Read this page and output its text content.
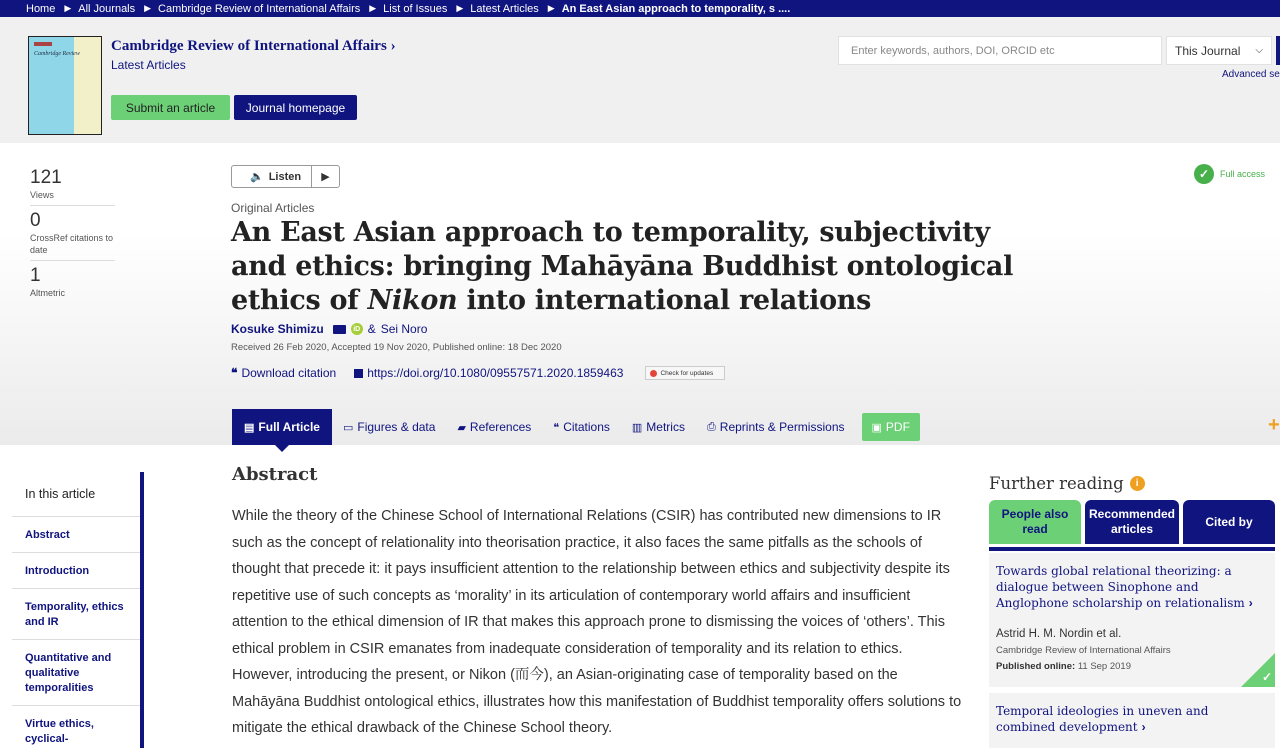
Home ▶ All Journals ▶ Cambridge Review of International Affairs ▶ List of Issues ▶ Latest Articles ▶ An East Asian approach to temporality, s ....
Cambridge Review Cambridge Review of International Affairs ›
Latest Articles
Submit an article	Journal homepage
Enter keywords, authors, DOI, ORCID etc
This Journal ⌵
Advanced se
121
Views
0
CrossRef citations to date
1
Altmetric
🔈 Listen ▶	✓	Full access
Original Articles
An East Asian approach to temporality, subjectivity and ethics: bringing Mahāyāna Buddhist ontological ethics of Nikon into international relations
Kosuke Shimizu	iD & Sei Noro
Received 26 Feb 2020, Accepted 19 Nov 2020, Published online: 18 Dec 2020
❝ Download citation	https://doi.org/10.1080/09557571.2020.1859463	Check for updates
▤ Full Article ▭ Figures & data ▰ References ❝ Citations ▥ Metrics ⎙ Reprints & Permissions ▣ PDF	+
In this article
Abstract
Introduction
Temporality, ethics and IR
Quantitative and qualitative temporalities
Virtue ethics, cyclical-
Abstract

While the theory of the Chinese School of International Relations (CSIR) has contributed new dimensions to IR such as the concept of relationality into theorisation practice, it also faces the same pitfalls as the schools of thought that precede it: it pays insufficient attention to the relationship between ethics and subjectivity despite its repetitive use of such concepts as ‘morality’ in its articulation of contemporary world affairs and insufficient attention to the ethical dimension of IR that makes this approach prone to dismissing the voices of ‘others’. This ethical problem in CSIR emanates from inadequate consideration of temporality and its relation to ethics. However, introducing the present, or Nikon (而今), an Asian-originating case of temporality based on the Mahāyāna Buddhist ontological ethics, illustrates how this manifestation of Buddhist temporality offers solutions to mitigate the ethical drawback of the Chinese School theory.

Further reading	i
People also read
Recommended articles
Cited by
Towards global relational theorizing: a dialogue between Sinophone and Anglophone scholarship on relationalism ›
Astrid H. M. Nordin et al.
Cambridge Review of International Affairs
Published online: 11 Sep 2019
✓
Temporal ideologies in uneven and combined development ›
